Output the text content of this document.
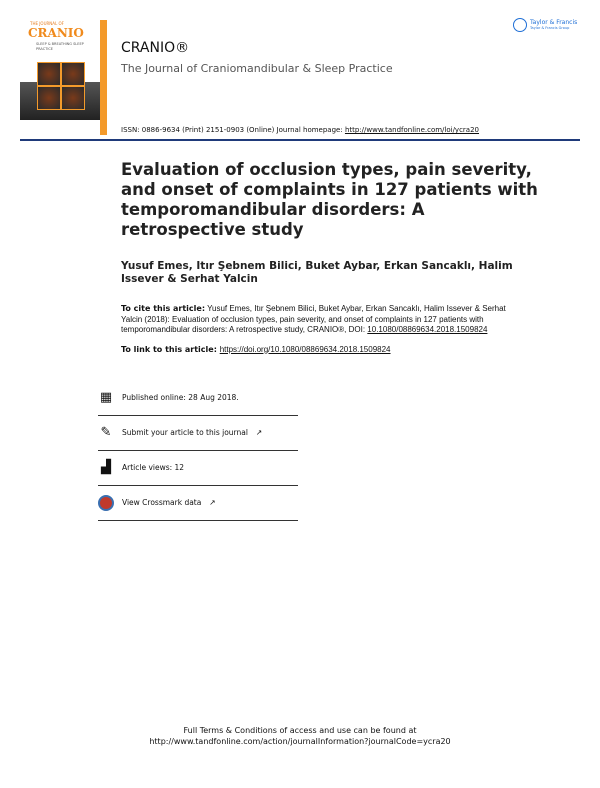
THE JOURNAL OF
CRANIO
SLEEP & BREATHING SLEEP PRACTICE
Taylor & Francis
Taylor & Francis Group
CRANIO®
The Journal of Craniomandibular & Sleep Practice
ISSN: 0886-9634 (Print) 2151-0903 (Online) Journal homepage: http://www.tandfonline.com/loi/ycra20
Evaluation of occlusion types, pain severity, and onset of complaints in 127 patients with temporomandibular disorders: A retrospective study
Yusuf Emes, Itır Şebnem Bilici, Buket Aybar, Erkan Sancaklı, Halim Issever & Serhat Yalcin
To cite this article: Yusuf Emes, Itır Şebnem Bilici, Buket Aybar, Erkan Sancaklı, Halim Issever & Serhat Yalcin (2018): Evaluation of occlusion types, pain severity, and onset of complaints in 127 patients with temporomandibular disorders: A retrospective study, CRANIO®, DOI: 10.1080/08869634.2018.1509824
To link to this article: https://doi.org/10.1080/08869634.2018.1509824
▦ Published online: 28 Aug 2018.
✎	Submit your article to this journal ↗
▟	Article views: 12
View Crossmark data ↗
Full Terms & Conditions of access and use can be found at
http://www.tandfonline.com/action/journalInformation?journalCode=ycra20
